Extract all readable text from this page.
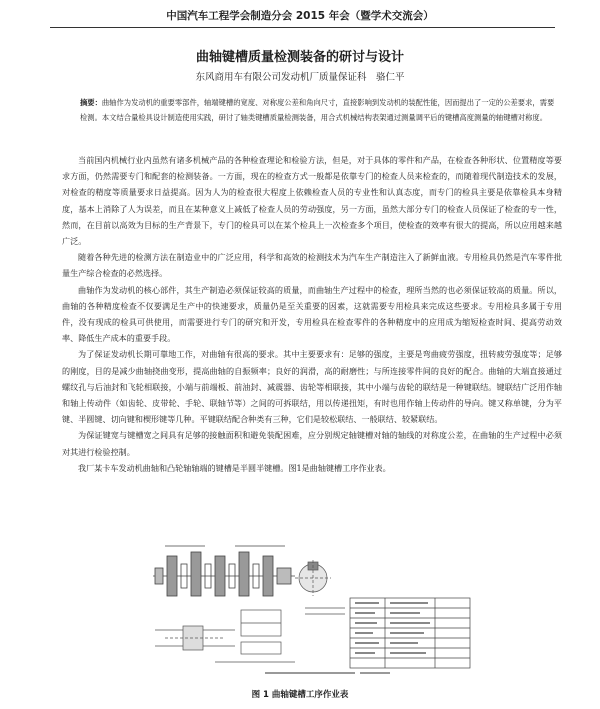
中国汽车工程学会制造分会 2015 年会（暨学术交流会）
曲轴键槽质量检测装备的研讨与设计
东风商用车有限公司发动机厂质量保证科　骆仁平
摘要：曲轴作为发动机的重要零部件，轴端键槽的宽度、对称度公差和角向尺寸，直接影响到发动机的装配性能，因而提出了一定的公差要求，需要检测。本文结合量检具设计制造使用实践，研讨了轴类键槽质量检测装备，用合式机械结构表架通过测量调平后的键槽高度测量的轴键槽对称度。

当前国内机械行业内虽然有诸多机械产品的各种检查理论和检验方法，但是，对于具体的零件和产品，在检查各种形状、位置精度等要求方面，仍然需要专门和配套的检测装备。一方面，现在的检查方式一般都是依靠专门的检查人员来检查的，而随着现代制造技术的发展，对检查的精度等质量要求日益提高。因为人为的检查很大程度上依赖检查人员的专业性和认真态度，而专门的检具主要是依靠检具本身精度，基本上消除了人为误差，而且在某种意义上减低了检查人员的劳动强度，另一方面，虽然大部分专门的检查人员保证了检查的专一性，然而，在目前以高效为目标的生产背景下，专门的检具可以在某个检具上一次检查多个项目，使检查的效率有很大的提高，所以应用越来越广泛。

随着各种先进的检测方法在制造业中的广泛应用，科学和高效的检测技术为汽车生产制造注入了新鲜血液。专用检具仍然是汽车零件批量生产综合检查的必然选择。

曲轴作为发动机的核心部件，其生产制造必须保证较高的质量，而曲轴生产过程中的检查，理所当然的也必须保证较高的质量。所以，曲轴的各种精度检查不仅要满足生产中的快速要求，质量仍是至关重要的因素，这就需要专用检具来完成这些要求。专用检具多属于专用件，没有现成的检具可供使用，而需要进行专门的研究和开发，专用检具在检查零件的各种精度中的应用成为缩短检查时间、提高劳动效率、降低生产成本的重要手段。

为了保证发动机长期可靠地工作，对曲轴有很高的要求。其中主要要求有：足够的强度，主要是弯曲疲劳强度，扭转疲劳强度等；足够的刚度，目的是减少曲轴挠曲变形，提高曲轴的自振频率；良好的润滑，高的耐磨性；与所连接零件间的良好的配合。曲轴的大端直接通过螺纹孔与后油封和飞轮相联接，小端与前端板、前油封、减震器、齿轮等相联接，其中小端与齿轮的联结是一种键联结。键联结广泛用作轴和轴上传动件（如齿轮、皮带轮、手轮、联轴节等）之间的可拆联结，用以传递扭矩，有时也用作轴上传动件的导向。键又称单键，分为平键、半圆键、切向键和楔形键等几种。平键联结配合种类有三种，它们是较松联结、一般联结、较紧联结。

为保证键宽与键槽宽之间具有足够的接触面积和避免装配困难，应分别规定轴键槽对轴的轴线的对称度公差，在曲轴的生产过程中必须对其进行检验控制。

我厂某卡车发动机曲轴和凸轮轴轴端的键槽是半圆半键槽。图1是曲轴键槽工序作业表。

图 1 曲轴键槽工序作业表
